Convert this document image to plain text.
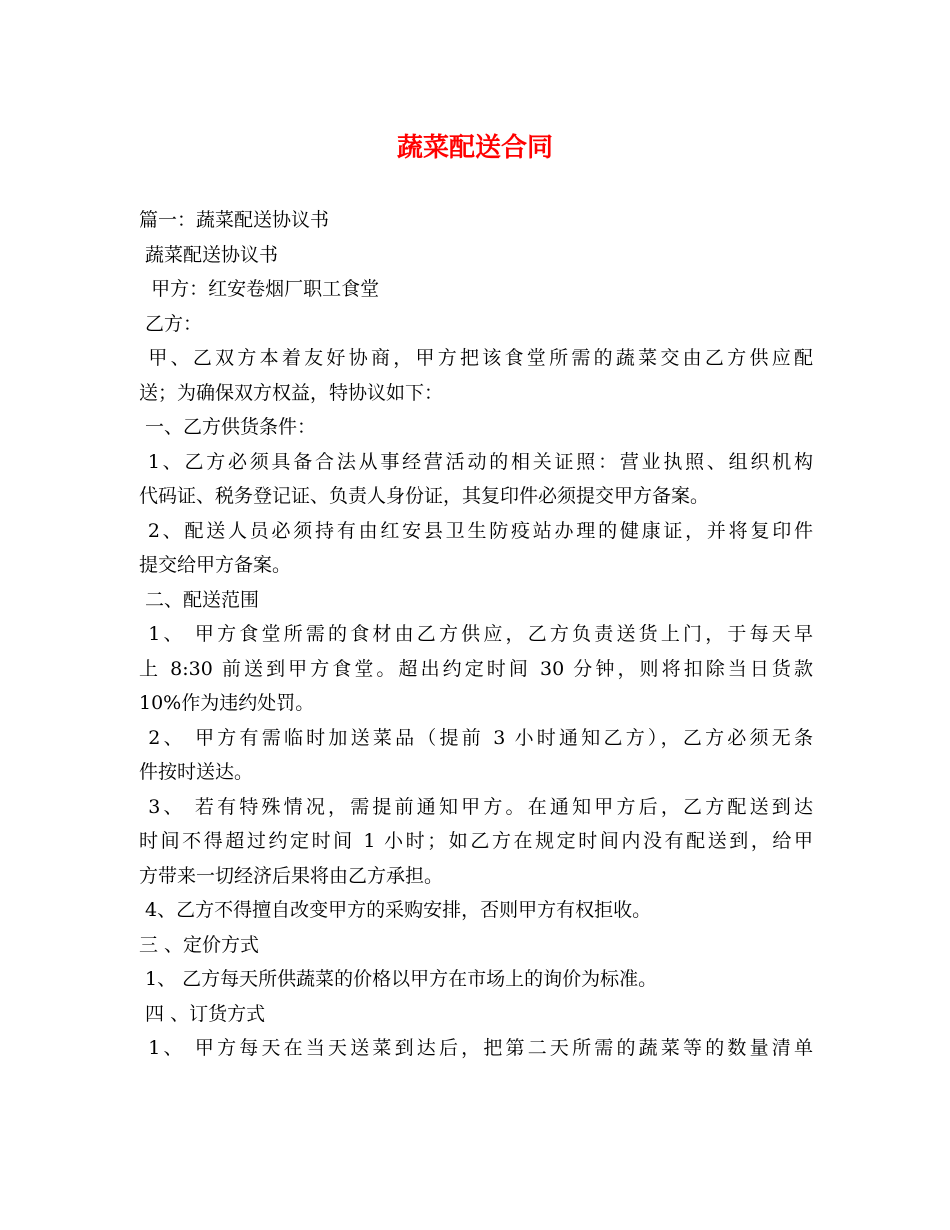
蔬菜配送合同
篇一：蔬菜配送协议书
蔬菜配送协议书
甲方：红安卷烟厂职工食堂
乙方：
甲、乙双方本着友好协商，甲方把该食堂所需的蔬菜交由乙方供应配
送；为确保双方权益，特协议如下：
一、乙方供货条件：
1、乙方必须具备合法从事经营活动的相关证照：营业执照、组织机构
代码证、税务登记证、负责人身份证，其复印件必须提交甲方备案。
2、配送人员必须持有由红安县卫生防疫站办理的健康证，并将复印件
提交给甲方备案。
二、配送范围
1、 甲方食堂所需的食材由乙方供应，乙方负责送货上门，于每天早
上 8:30 前送到甲方食堂。超出约定时间 30 分钟，则将扣除当日货款
10%作为违约处罚。
2、 甲方有需临时加送菜品（提前 3 小时通知乙方），乙方必须无条
件按时送达。
3、 若有特殊情况，需提前通知甲方。在通知甲方后，乙方配送到达
时间不得超过约定时间 1 小时；如乙方在规定时间内没有配送到，给甲
方带来一切经济后果将由乙方承担。
4、乙方不得擅自改变甲方的采购安排，否则甲方有权拒收。
三 、定价方式
1、 乙方每天所供蔬菜的价格以甲方在市场上的询价为标准。
四 、订货方式
1、 甲方每天在当天送菜到达后，把第二天所需的蔬菜等的数量清单
